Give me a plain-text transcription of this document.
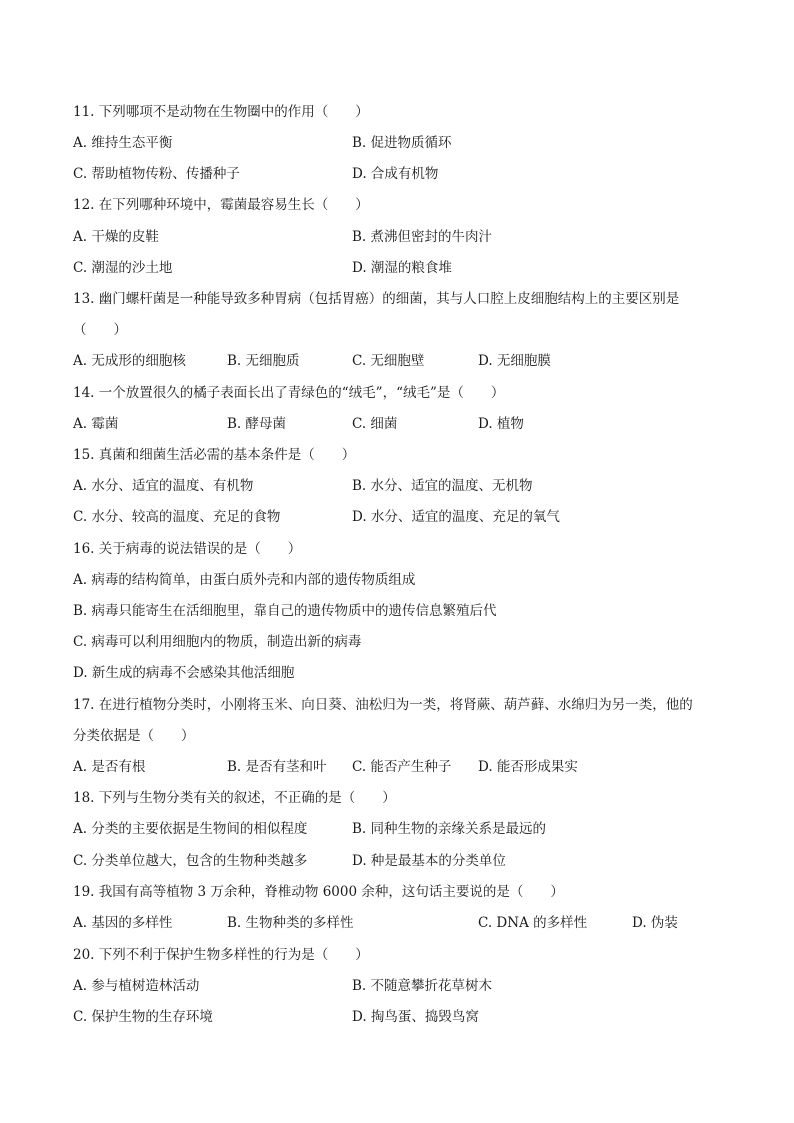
11. 下列哪项不是动物在生物圈中的作用（　　）
A. 维持生态平衡	B. 促进物质循环
C. 帮助植物传粉、传播种子	D. 合成有机物
12. 在下列哪种环境中，霉菌最容易生长（　　）
A. 干燥的皮鞋	B. 煮沸但密封的牛肉汁
C. 潮湿的沙土地	D. 潮湿的粮食堆
13. 幽门螺杆菌是一种能导致多种胃病（包括胃癌）的细菌，其与人口腔上皮细胞结构上的主要区别是
（　　）
A. 无成形的细胞核	B. 无细胞质	C. 无细胞壁	D. 无细胞膜
14. 一个放置很久的橘子表面长出了青绿色的“绒毛”，“绒毛”是（　　）
A. 霉菌	B. 酵母菌	C. 细菌	D. 植物
15. 真菌和细菌生活必需的基本条件是（　　）
A. 水分、适宜的温度、有机物	B. 水分、适宜的温度、无机物
C. 水分、较高的温度、充足的食物	D. 水分、适宜的温度、充足的氧气
16. 关于病毒的说法错误的是（　　）
A. 病毒的结构简单，由蛋白质外壳和内部的遗传物质组成
B. 病毒只能寄生在活细胞里，靠自己的遗传物质中的遗传信息繁殖后代
C. 病毒可以利用细胞内的物质，制造出新的病毒
D. 新生成的病毒不会感染其他活细胞
17. 在进行植物分类时，小刚将玉米、向日葵、油松归为一类，将肾蕨、葫芦藓、水绵归为另一类，他的
分类依据是（　　）
A. 是否有根	B. 是否有茎和叶 C. 能否产生种子 D. 能否形成果实
18. 下列与生物分类有关的叙述，不正确的是（　　）
A. 分类的主要依据是生物间的相似程度	B. 同种生物的亲缘关系是最远的
C. 分类单位越大，包含的生物种类越多	D. 种是最基本的分类单位
19. 我国有高等植物 3 万余种，脊椎动物 6000 余种，这句话主要说的是（　　）
A. 基因的多样性	B. 生物种类的多样性	C. DNA 的多样性	D. 伪装
20. 下列不利于保护生物多样性的行为是（　　）
A. 参与植树造林活动	B. 不随意攀折花草树木
C. 保护生物的生存环境	D. 掏鸟蛋、捣毁鸟窝
